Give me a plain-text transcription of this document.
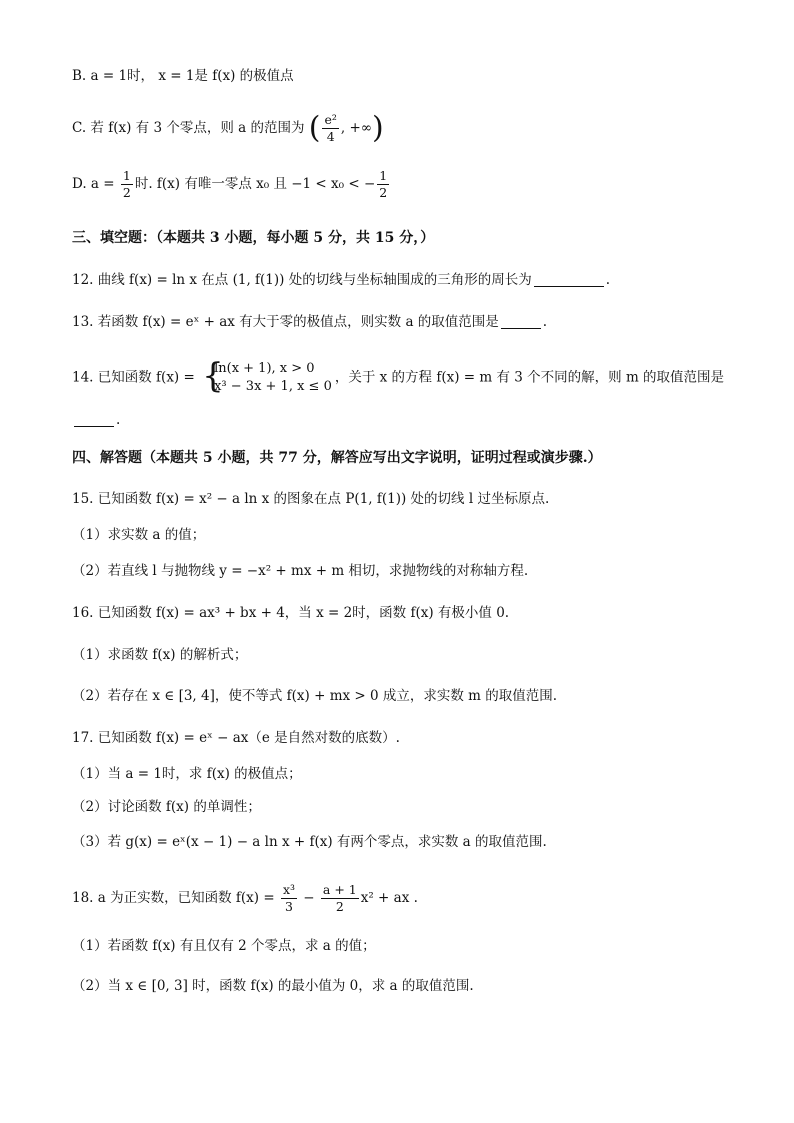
B. a = 1时， x = 1是 f(x) 的极值点
C. 若 f(x) 有 3 个零点，则 a 的范围为 ( $\frac{\text{e²}}{4}$ , +∞)
D. $a = \frac{1}{2}$ 时. f(x) 有唯一零点 x₀ 且 −1 < x₀ < − $\frac{1}{2}$
三、填空题：（本题共 3 小题，每小题 5 分，共 15 分，）
12. 曲线 f(x) = ln x 在点 (1, f(1)) 处的切线与坐标轴围成的三角形的周长为	.
13. 若函数 f(x) = eˣ + ax 有大于零的极值点，则实数 a 的取值范围是	.
14. 已知函数 f(x) = {
ln(x + 1), x > 0
x³ − 3x + 1, x ≤ 0
，关于 x 的方程 f(x) = m 有 3 个不同的解，则 m 的取值范围是
.
四、解答题（本题共 5 小题，共 77 分，解答应写出文字说明，证明过程或演步骤.）
15. 已知函数 f(x) = x² − a ln x 的图象在点 P(1, f(1)) 处的切线 l 过坐标原点.
（1）求实数 a 的值；
（2）若直线 l 与抛物线 y = −x² + mx + m 相切，求抛物线的对称轴方程.
16. 已知函数 f(x) = ax³ + bx + 4，当 x = 2时，函数 f(x) 有极小值 0.
（1）求函数 f(x) 的解析式；
（2）若存在 x ∈ [3, 4]，使不等式 f(x) + mx > 0 成立，求实数 m 的取值范围.
17. 已知函数 f(x) = eˣ − ax（e 是自然对数的底数）.
（1）当 a = 1时，求 f(x) 的极值点；
（2）讨论函数 f(x) 的单调性；
（3）若 g(x) = eˣ(x − 1) − a ln x + f(x) 有两个零点，求实数 a 的取值范围.
18. a 为正实数，已知函数 $f(x) = \frac{\text{x³}}{3} - \frac{a + 1}{2} x^2$ + ax .
（1）若函数 f(x) 有且仅有 2 个零点，求 a 的值；
（2）当 x ∈ [0, 3] 时，函数 f(x) 的最小值为 0，求 a 的取值范围.
